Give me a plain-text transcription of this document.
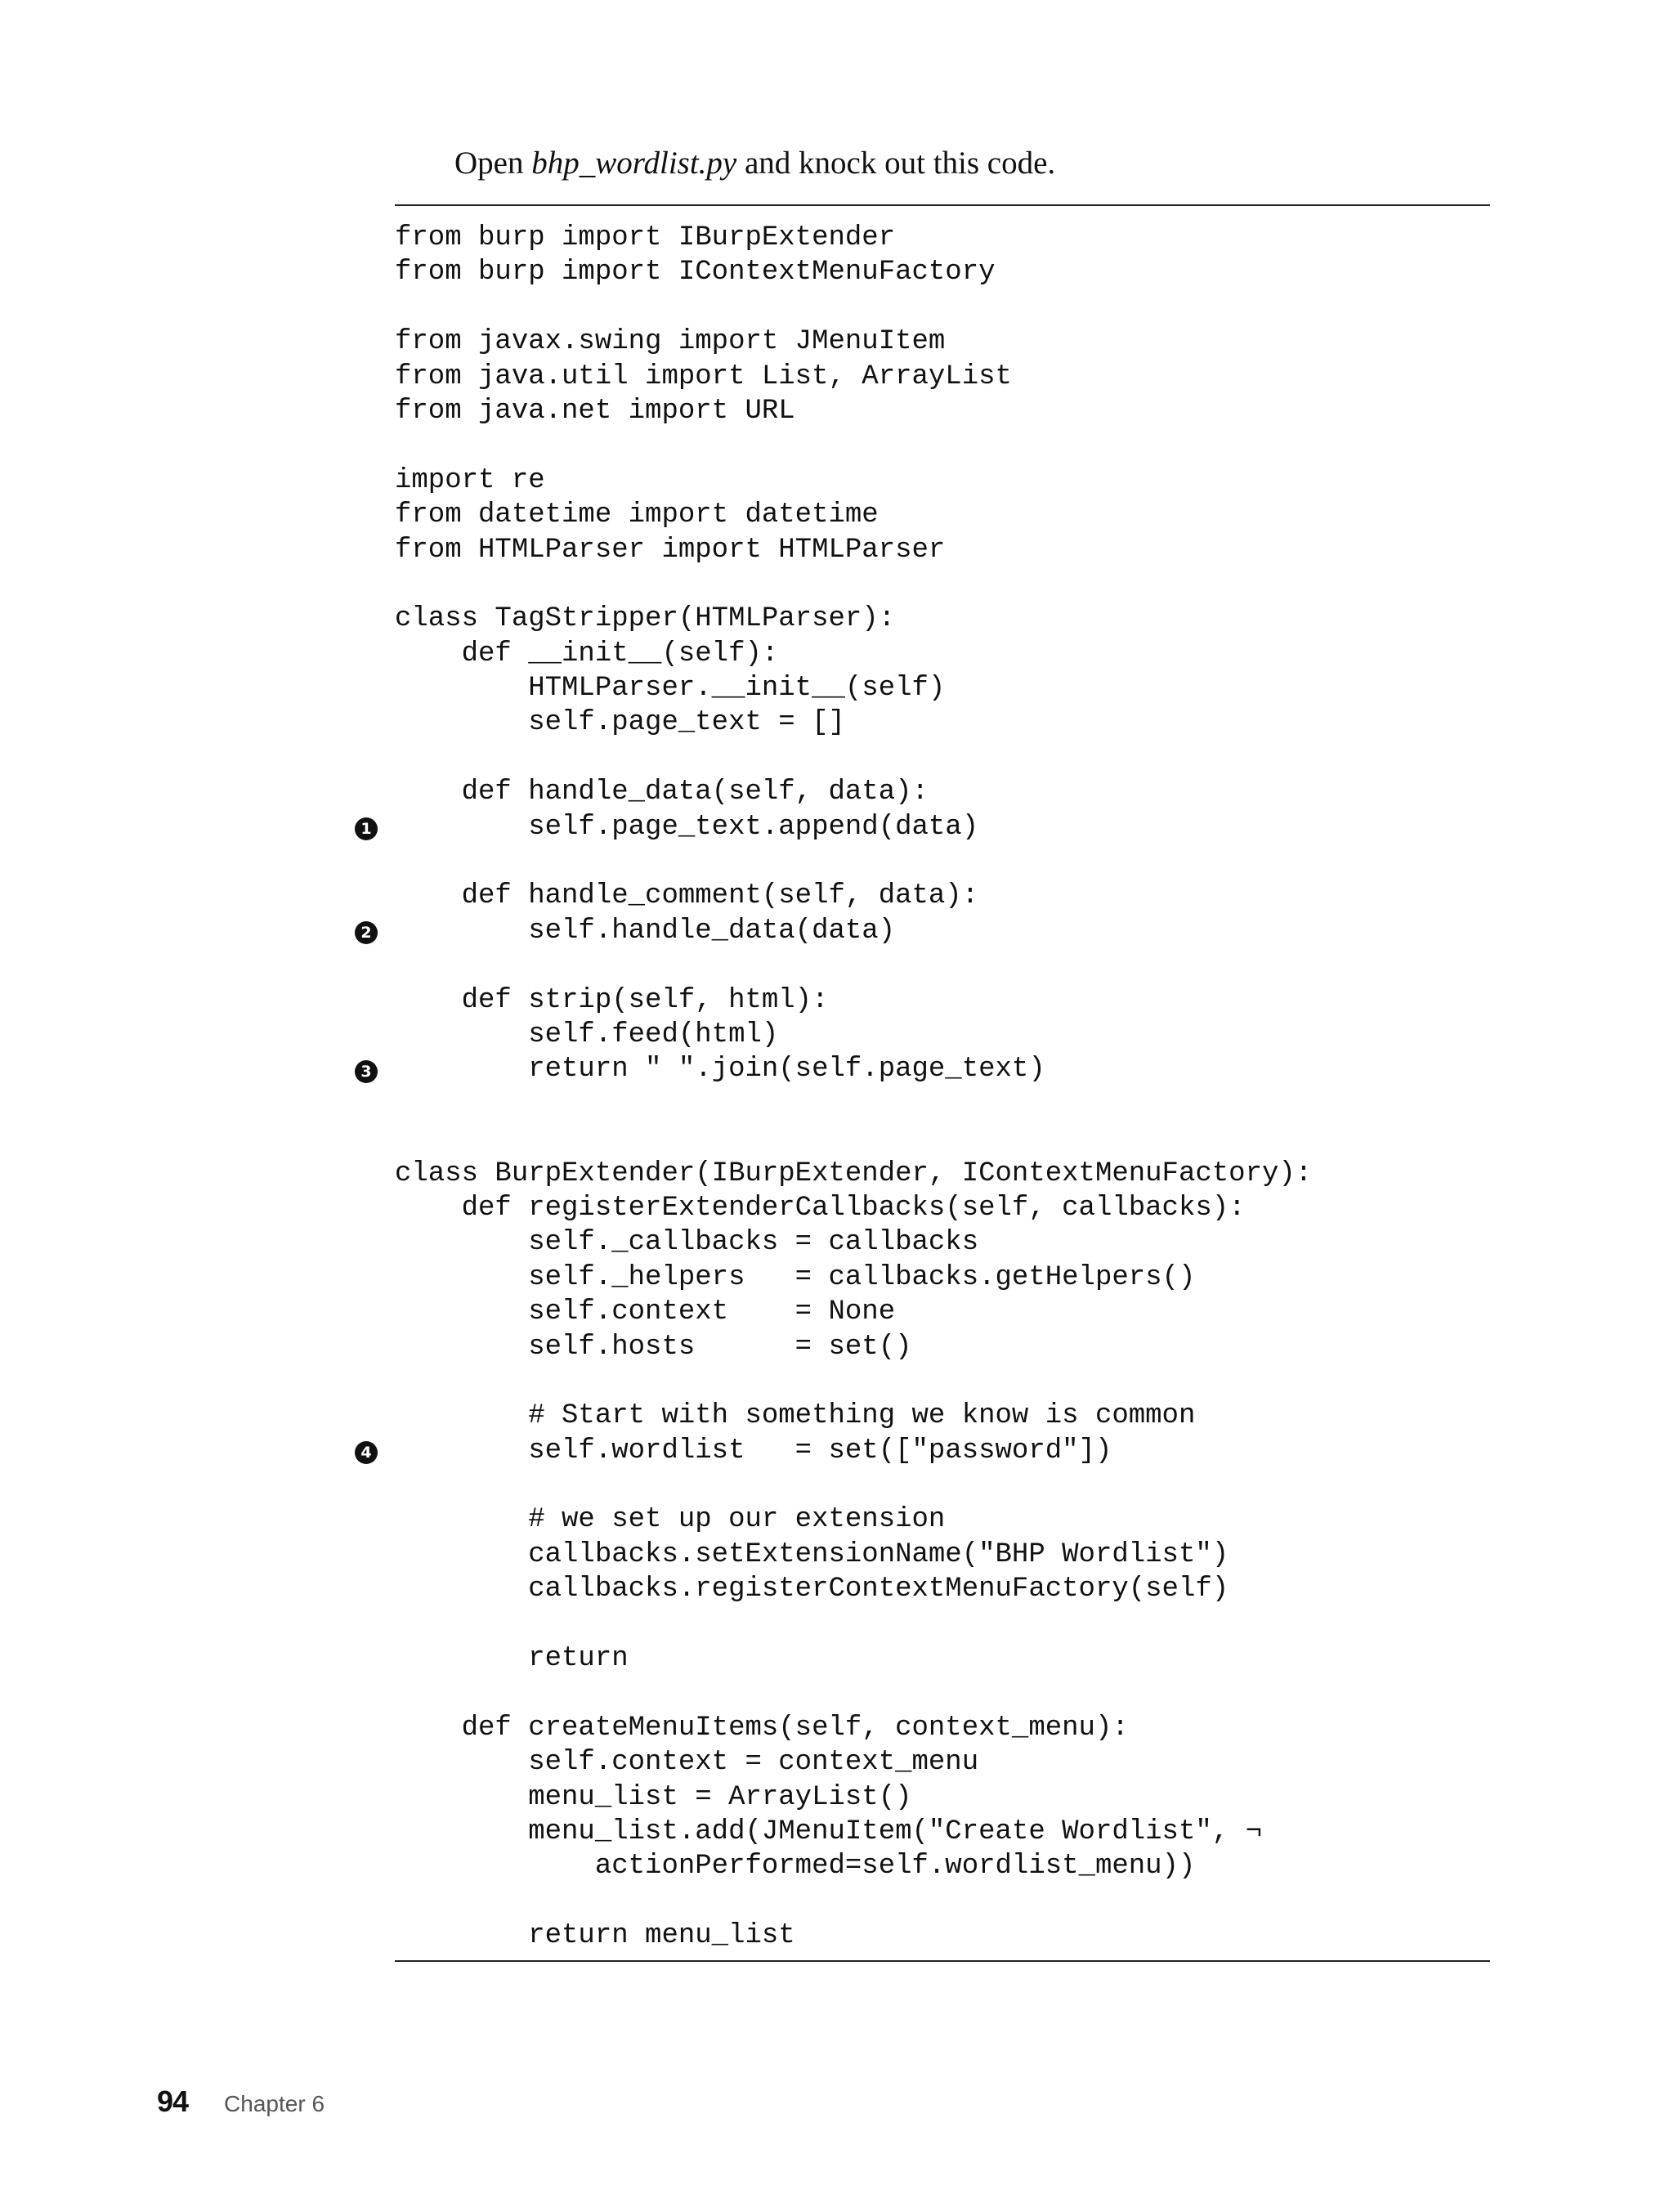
Open bhp_wordlist.py and knock out this code.
from burp import IBurpExtender
from burp import IContextMenuFactory
from javax.swing import JMenuItem
from java.util import List, ArrayList
from java.net import URL
import re
from datetime import datetime
from HTMLParser import HTMLParser
class TagStripper(HTMLParser):
def __init__(self):
HTMLParser.__init__(self)
self.page_text = []
def handle_data(self, data):
self.page_text.append(data)
def handle_comment(self, data):
self.handle_data(data)
def strip(self, html):
self.feed(html)
return " ".join(self.page_text)
class BurpExtender(IBurpExtender, IContextMenuFactory):
def registerExtenderCallbacks(self, callbacks):
self._callbacks = callbacks
self._helpers   = callbacks.getHelpers()
self.context    = None
self.hosts      = set()
# Start with something we know is common
self.wordlist   = set(["password"])
# we set up our extension
callbacks.setExtensionName("BHP Wordlist")
callbacks.registerContextMenuFactory(self)
return
def createMenuItems(self, context_menu):
self.context = context_menu
menu_list = ArrayList()
menu_list.add(JMenuItem("Create Wordlist", ¬
actionPerformed=self.wordlist_menu))
return menu_list
1
2
3
4
94 Chapter 6
